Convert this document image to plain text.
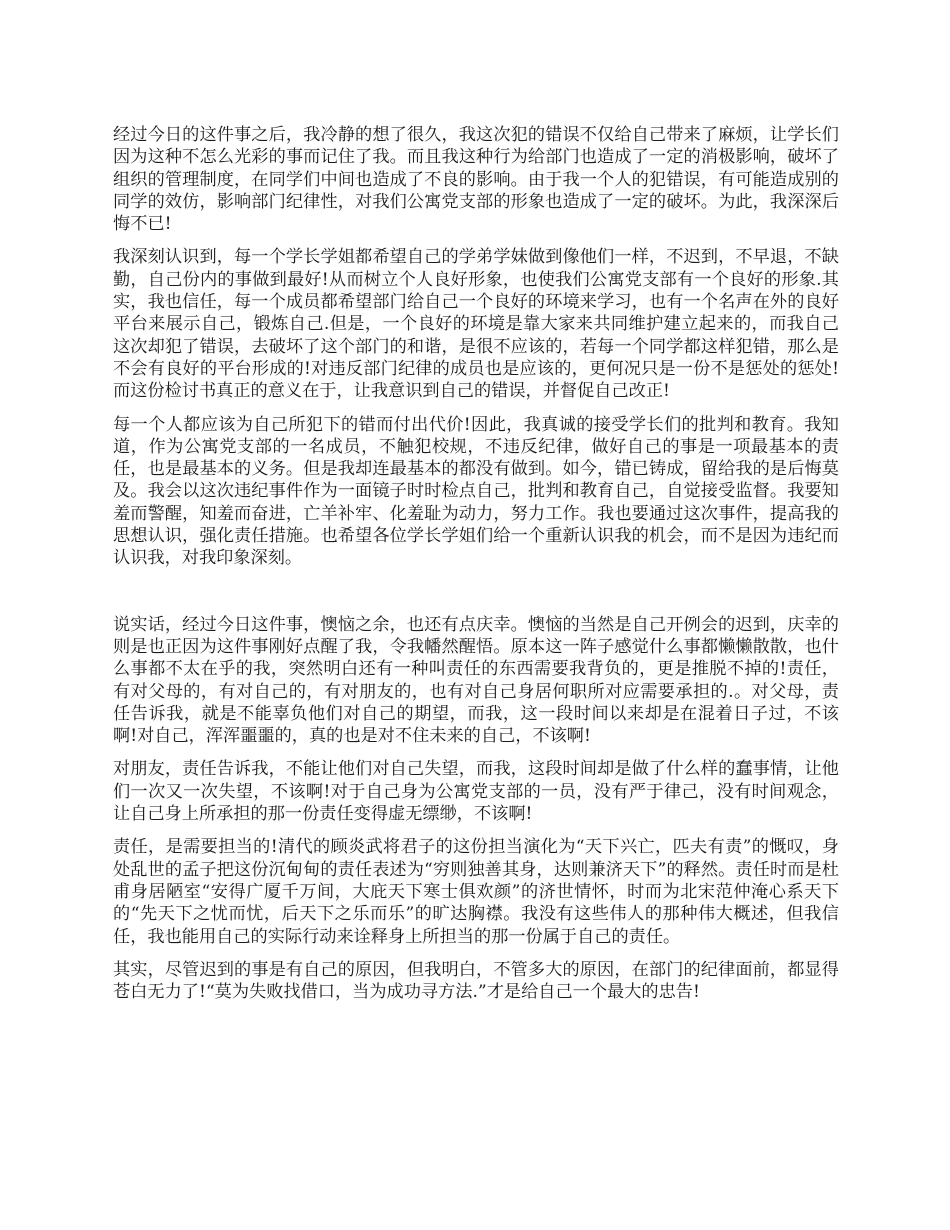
经过今日的这件事之后，我冷静的想了很久，我这次犯的错误不仅给自己带来了麻烦，让学长们因为这种不怎么光彩的事而记住了我。而且我这种行为给部门也造成了一定的消极影响，破坏了组织的管理制度，在同学们中间也造成了不良的影响。由于我一个人的犯错误，有可能造成别的同学的效仿，影响部门纪律性，对我们公寓党支部的形象也造成了一定的破坏。为此，我深深后悔不已!

我深刻认识到，每一个学长学姐都希望自己的学弟学妹做到像他们一样，不迟到，不早退，不缺勤，自己份内的事做到最好!从而树立个人良好形象，也使我们公寓党支部有一个良好的形象.其实，我也信任，每一个成员都希望部门给自己一个良好的环境来学习，也有一个名声在外的良好平台来展示自己，锻炼自己.但是，一个良好的环境是靠大家来共同维护建立起来的，而我自己这次却犯了错误，去破坏了这个部门的和谐，是很不应该的，若每一个同学都这样犯错，那么是不会有良好的平台形成的!对违反部门纪律的成员也是应该的，更何况只是一份不是惩处的惩处!而这份检讨书真正的意义在于，让我意识到自己的错误，并督促自己改正!

每一个人都应该为自己所犯下的错而付出代价!因此，我真诚的接受学长们的批判和教育。我知道，作为公寓党支部的一名成员，不触犯校规，不违反纪律，做好自己的事是一项最基本的责任，也是最基本的义务。但是我却连最基本的都没有做到。如今，错已铸成，留给我的是后悔莫及。我会以这次违纪事件作为一面镜子时时检点自己，批判和教育自己，自觉接受监督。我要知羞而警醒，知羞而奋进，亡羊补牢、化羞耻为动力，努力工作。我也要通过这次事件，提高我的思想认识，强化责任措施。也希望各位学长学姐们给一个重新认识我的机会，而不是因为违纪而认识我，对我印象深刻。

说实话，经过今日这件事，懊恼之余，也还有点庆幸。懊恼的当然是自己开例会的迟到，庆幸的则是也正因为这件事刚好点醒了我，令我幡然醒悟。原本这一阵子感觉什么事都懒懒散散，也什么事都不太在乎的我，突然明白还有一种叫责任的东西需要我背负的，更是推脱不掉的!责任，有对父母的，有对自己的，有对朋友的，也有对自己身居何职所对应需要承担的.。对父母，责任告诉我，就是不能辜负他们对自己的期望，而我，这一段时间以来却是在混着日子过，不该啊!对自己，浑浑噩噩的，真的也是对不住未来的自己，不该啊!

对朋友，责任告诉我，不能让他们对自己失望，而我，这段时间却是做了什么样的蠢事情，让他们一次又一次失望，不该啊!对于自己身为公寓党支部的一员，没有严于律己，没有时间观念，让自己身上所承担的那一份责任变得虚无缥缈，不该啊!

责任，是需要担当的!清代的顾炎武将君子的这份担当演化为“天下兴亡，匹夫有责”的慨叹，身处乱世的孟子把这份沉甸甸的责任表述为“穷则独善其身，达则兼济天下”的释然。责任时而是杜甫身居陋室“安得广厦千万间，大庇天下寒士俱欢颜”的济世情怀，时而为北宋范仲淹心系天下的“先天下之忧而忧，后天下之乐而乐”的旷达胸襟。我没有这些伟人的那种伟大概述，但我信任，我也能用自己的实际行动来诠释身上所担当的那一份属于自己的责任。

其实，尽管迟到的事是有自己的原因，但我明白，不管多大的原因，在部门的纪律面前，都显得苍白无力了!“莫为失败找借口，当为成功寻方法.”才是给自己一个最大的忠告!
